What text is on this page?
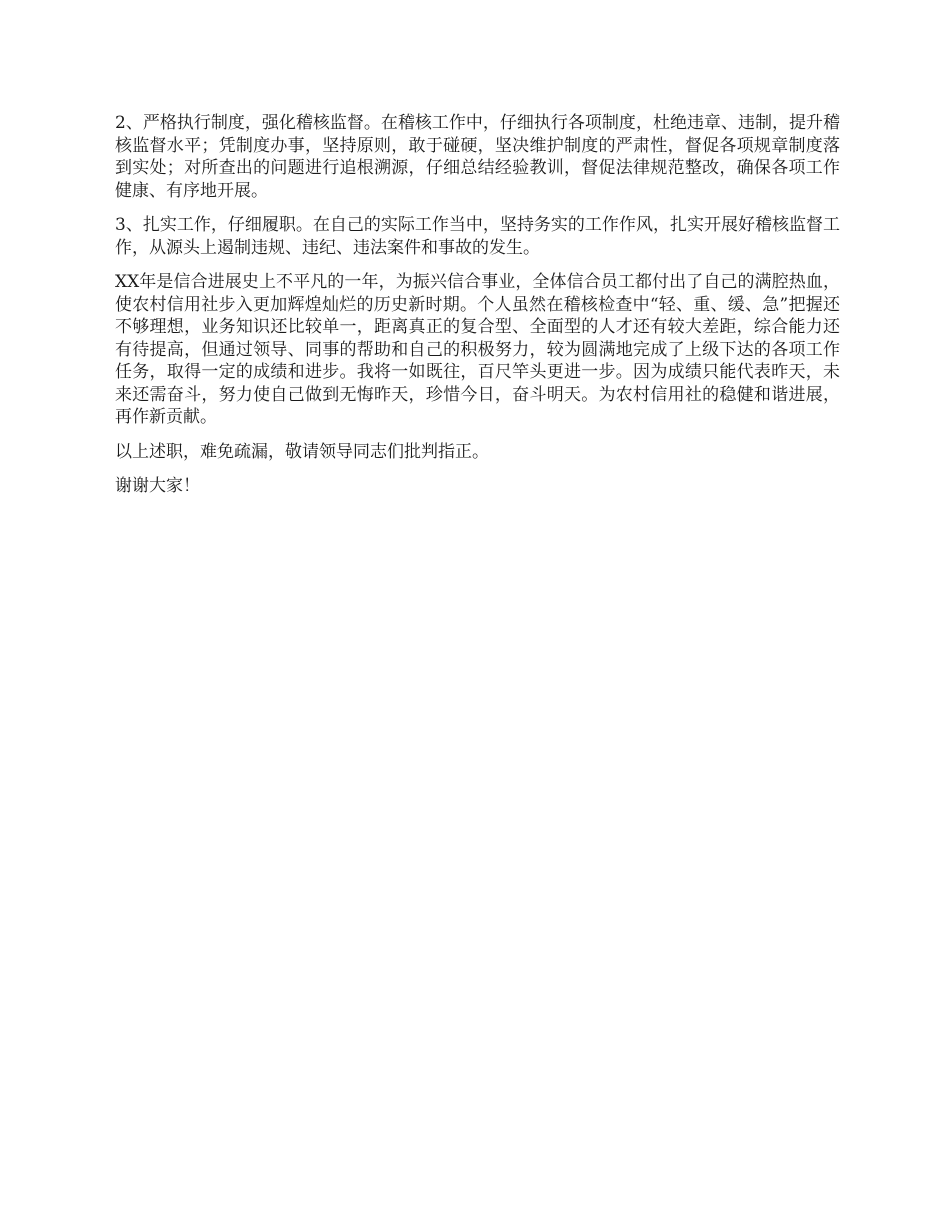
2、严格执行制度，强化稽核监督。在稽核工作中，仔细执行各项制度，杜绝违章、违制，提升稽核监督水平；凭制度办事，坚持原则，敢于碰硬，坚决维护制度的严肃性，督促各项规章制度落到实处；对所查出的问题进行追根溯源，仔细总结经验教训，督促法律规范整改，确保各项工作健康、有序地开展。

3、扎实工作，仔细履职。在自己的实际工作当中，坚持务实的工作作风，扎实开展好稽核监督工作，从源头上遏制违规、违纪、违法案件和事故的发生。

XX年是信合进展史上不平凡的一年，为振兴信合事业，全体信合员工都付出了自己的满腔热血，使农村信用社步入更加辉煌灿烂的历史新时期。个人虽然在稽核检查中“轻、重、缓、急”把握还不够理想，业务知识还比较单一，距离真正的复合型、全面型的人才还有较大差距，综合能力还有待提高，但通过领导、同事的帮助和自己的积极努力，较为圆满地完成了上级下达的各项工作任务，取得一定的成绩和进步。我将一如既往，百尺竿头更进一步。因为成绩只能代表昨天，未来还需奋斗，努力使自己做到无悔昨天，珍惜今日，奋斗明天。为农村信用社的稳健和谐进展，再作新贡献。

以上述职，难免疏漏，敬请领导同志们批判指正。

谢谢大家！
